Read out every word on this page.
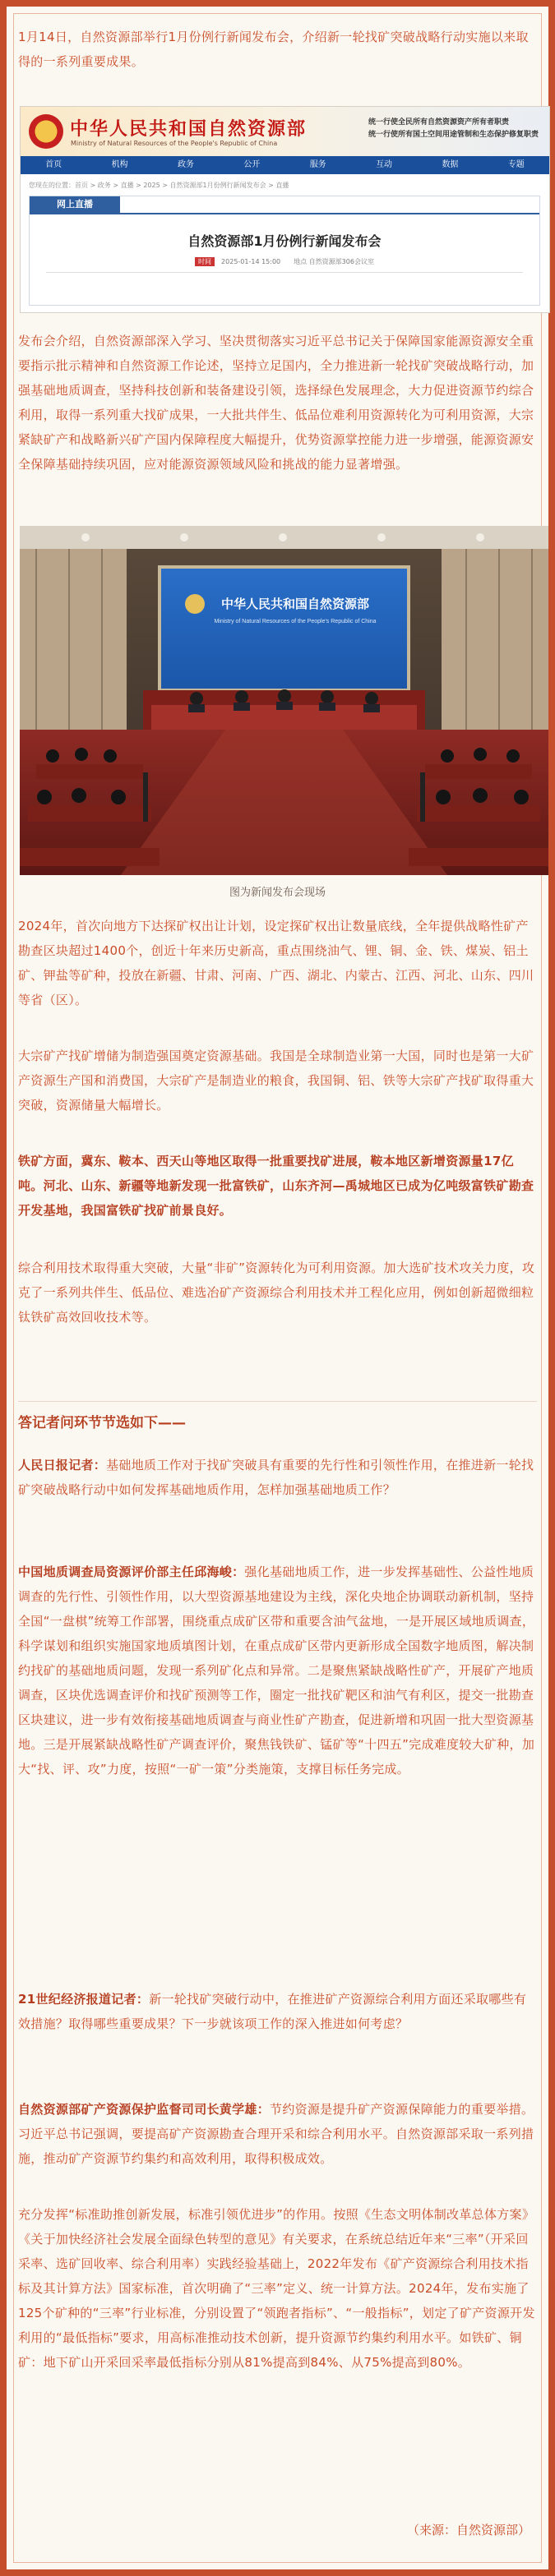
1月14日，自然资源部举行1月份例行新闻发布会，介绍新一轮找矿突破战略行动实施以来取得的一系列重要成果。

中华人民共和国自然资源部
Ministry of Natural Resources of the People's Republic of China
统一行使全民所有自然资源资产所有者职责
统一行使所有国土空间用途管制和生态保护修复职责
首页	机构	政务	公开	服务	互动	数据	专题
您现在的位置：首页 > 政务 > 直播 > 2025 > 自然资源部1月份例行新闻发布会 > 直播
网上直播
自然资源部1月份例行新闻发布会
时间 2025-01-14 15:00　　地点 自然资源部306会议室

发布会介绍，自然资源部深入学习、坚决贯彻落实习近平总书记关于保障国家能源资源安全重要指示批示精神和自然资源工作论述，坚持立足国内，全力推进新一轮找矿突破战略行动，加强基础地质调查，坚持科技创新和装备建设引领，选择绿色发展理念，大力促进资源节约综合利用，取得一系列重大找矿成果，一大批共伴生、低品位难利用资源转化为可利用资源，大宗紧缺矿产和战略新兴矿产国内保障程度大幅提升，优势资源掌控能力进一步增强，能源资源安全保障基础持续巩固，应对能源资源领域风险和挑战的能力显著增强。

中华人民共和国自然资源部
Ministry of Natural Resources of the People's Republic of China
图为新闻发布会现场

2024年，首次向地方下达探矿权出让计划，设定探矿权出让数量底线，全年提供战略性矿产勘查区块超过1400个，创近十年来历史新高，重点围绕油气、锂、铜、金、铁、煤炭、铝土矿、钾盐等矿种，投放在新疆、甘肃、河南、广西、湖北、内蒙古、江西、河北、山东、四川等省（区）。

大宗矿产找矿增储为制造强国奠定资源基础。我国是全球制造业第一大国，同时也是第一大矿产资源生产国和消费国，大宗矿产是制造业的粮食，我国铜、铝、铁等大宗矿产找矿取得重大突破，资源储量大幅增长。

铁矿方面，冀东、鞍本、西天山等地区取得一批重要找矿进展，鞍本地区新增资源量17亿吨。河北、山东、新疆等地新发现一批富铁矿，山东齐河—禹城地区已成为亿吨级富铁矿勘查开发基地，我国富铁矿找矿前景良好。

综合利用技术取得重大突破，大量“非矿”资源转化为可利用资源。加大选矿技术攻关力度，攻克了一系列共伴生、低品位、难选冶矿产资源综合利用技术并工程化应用，例如创新超微细粒钛铁矿高效回收技术等。

答记者问环节节选如下——

人民日报记者：基础地质工作对于找矿突破具有重要的先行性和引领性作用，在推进新一轮找矿突破战略行动中如何发挥基础地质作用，怎样加强基础地质工作？

中国地质调查局资源评价部主任邱海峻：强化基础地质工作，进一步发挥基础性、公益性地质调查的先行性、引领性作用，以大型资源基地建设为主线，深化央地企协调联动新机制，坚持全国“一盘棋”统筹工作部署，围绕重点成矿区带和重要含油气盆地，一是开展区域地质调查，科学谋划和组织实施国家地质填图计划，在重点成矿区带内更新形成全国数字地质图，解决制约找矿的基础地质问题，发现一系列矿化点和异常。二是聚焦紧缺战略性矿产，开展矿产地质调查，区块优选调查评价和找矿预测等工作，圈定一批找矿靶区和油气有利区，提交一批勘查区块建议，进一步有效衔接基础地质调查与商业性矿产勘查，促进新增和巩固一批大型资源基地。三是开展紧缺战略性矿产调查评价，聚焦钱铁矿、锰矿等“十四五”完成难度较大矿种，加大“找、评、攻”力度，按照“一矿一策”分类施策，支撑目标任务完成。

21世纪经济报道记者：新一轮找矿突破行动中，在推进矿产资源综合利用方面还采取哪些有效措施？取得哪些重要成果？下一步就该项工作的深入推进如何考虑？

自然资源部矿产资源保护监督司司长黄学雄：节约资源是提升矿产资源保障能力的重要举措。习近平总书记强调，要提高矿产资源勘查合理开采和综合利用水平。自然资源部采取一系列措施，推动矿产资源节约集约和高效利用，取得积极成效。

充分发挥“标准助推创新发展，标准引领优进步”的作用。按照《生态文明体制改革总体方案》《关于加快经济社会发展全面绿色转型的意见》有关要求，在系统总结近年来“三率”（开采回采率、选矿回收率、综合利用率）实践经验基础上，2022年发布《矿产资源综合利用技术指标及其计算方法》国家标准，首次明确了“三率”定义、统一计算方法。2024年，发布实施了125个矿种的“三率”行业标准，分别设置了“领跑者指标”、“一般指标”，划定了矿产资源开发利用的“最低指标”要求，用高标准推动技术创新，提升资源节约集约利用水平。如铁矿、铜矿：地下矿山开采回采率最低指标分别从81%提高到84%、从75%提高到80%。

（来源：自然资源部）
